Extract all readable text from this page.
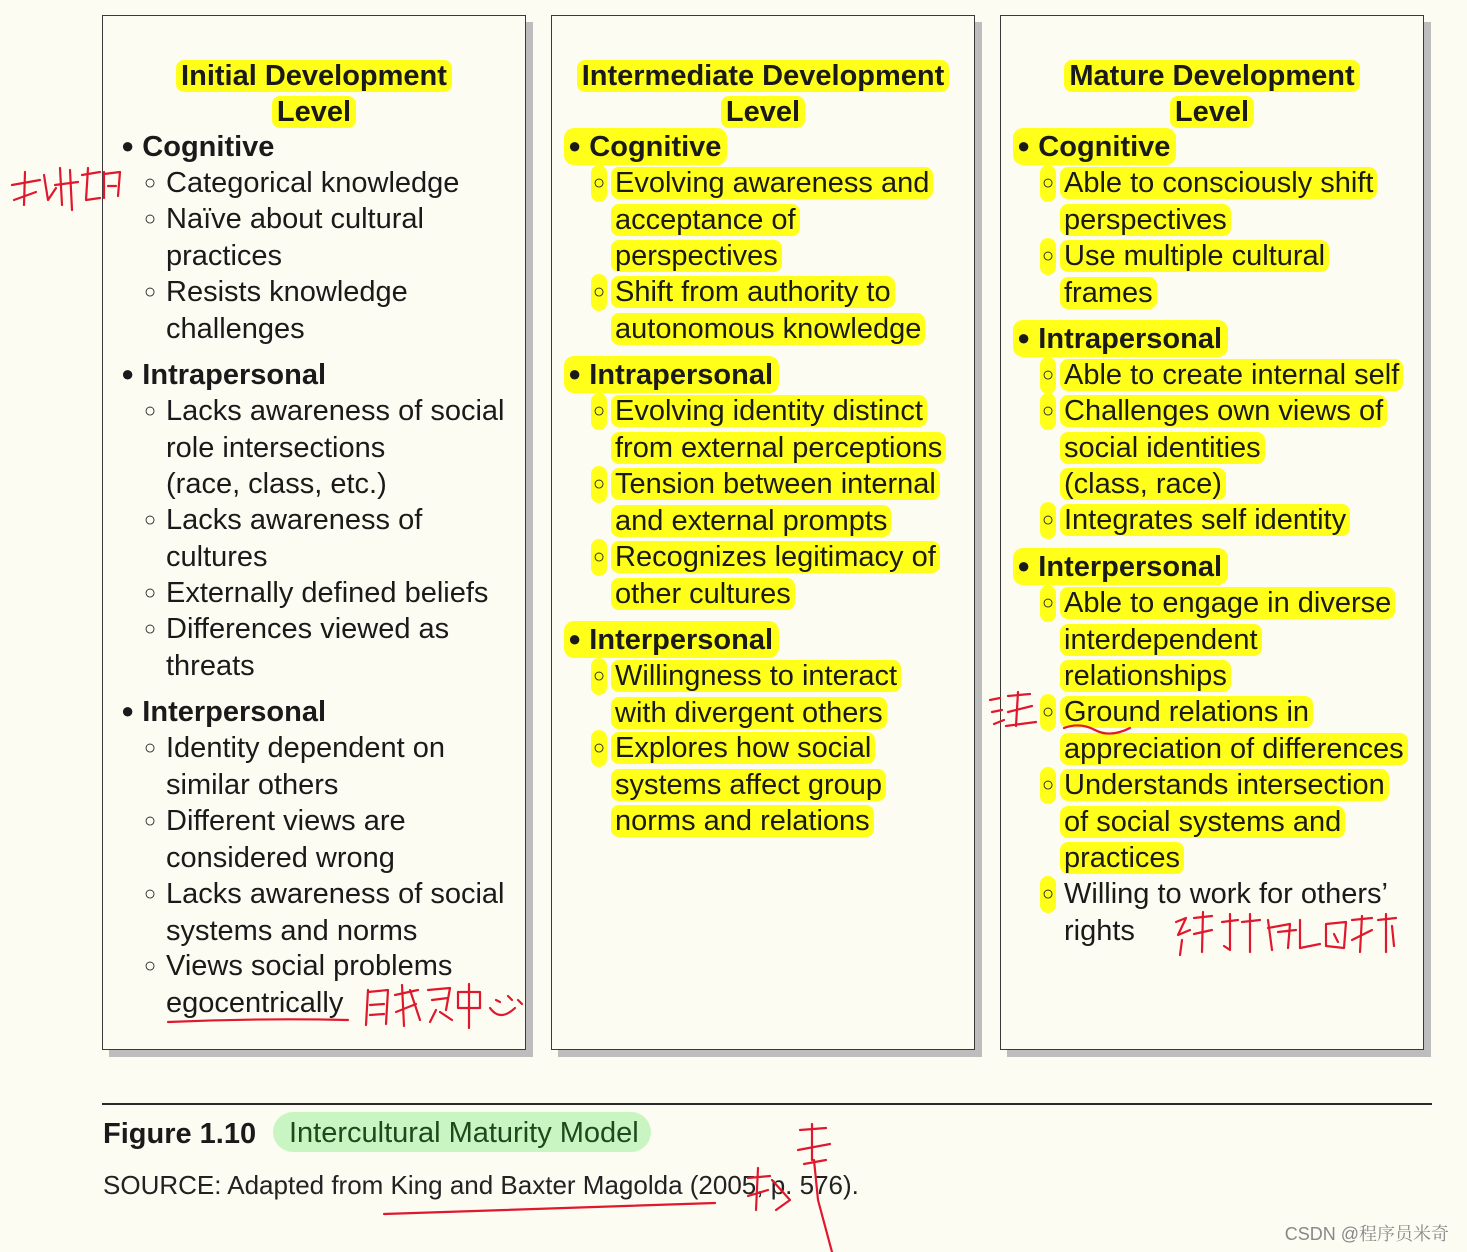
Initial Development
Level
● Cognitive
○ Categorical knowledge
○ Naïve about cultural
practices
○ Resists knowledge
challenges
● Intrapersonal
○ Lacks awareness of social
role intersections
(race, class, etc.)
○ Lacks awareness of
cultures
○ Externally defined beliefs
○ Differences viewed as
threats
● Interpersonal
○ Identity dependent on
similar others
○ Different views are
considered wrong
○ Lacks awareness of social
systems and norms
○ Views social problems
egocentrically
Intermediate Development
Level
● Cognitive
○ Evolving awareness and
acceptance of
perspectives
○ Shift from authority to
autonomous knowledge
● Intrapersonal
○ Evolving identity distinct
from external perceptions
○ Tension between internal
and external prompts
○ Recognizes legitimacy of
other cultures
● Interpersonal
○ Willingness to interact
with divergent others
○ Explores how social
systems affect group
norms and relations
Mature Development
Level
● Cognitive
○ Able to consciously shift
perspectives
○ Use multiple cultural
frames
● Intrapersonal
○ Able to create internal self
○ Challenges own views of
social identities
(class, race)
○ Integrates self identity
● Interpersonal
○ Able to engage in diverse
interdependent
relationships
○ Ground relations in
appreciation of differences
○ Understands intersection
of social systems and
practices
○ Willing to work for others’
rights
Figure 1.10	Intercultural Maturity Model
SOURCE: Adapted from King and Baxter Magolda (2005, p. 576).
CSDN @程序员米奇
